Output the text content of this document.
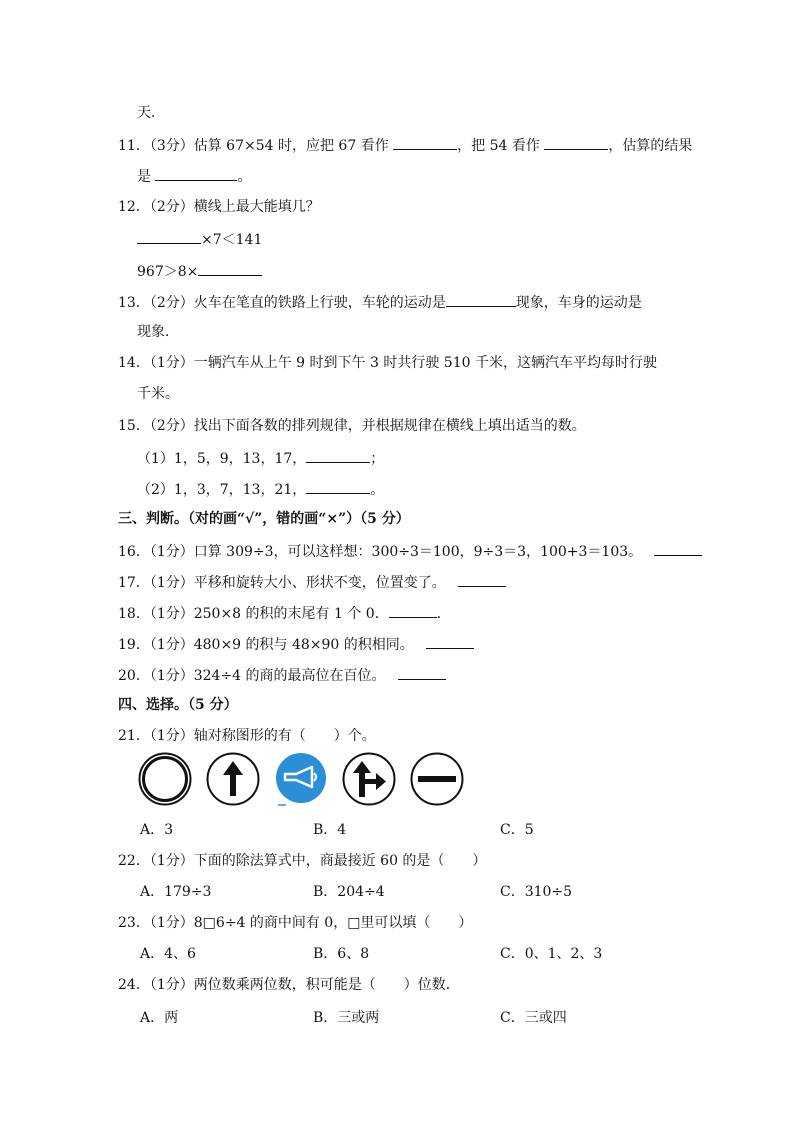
天．
11．（3分）估算 67×54 时，应把 67 看作	，把 54 看作	，估算的结果
是	。
12．（2分）横线上最大能填几？
×7＜141
967＞8×
13．（2分）火车在笔直的铁路上行驶，车轮的运动是	现象，车身的运动是
现象．
14．（1分）一辆汽车从上午 9 时到下午 3 时共行驶 510 千米，这辆汽车平均每时行驶
千米。
15．（2分）找出下面各数的排列规律，并根据规律在横线上填出适当的数。
（1）1，5，9，13，17，	；
（2）1，3，7，13，21，	。
三、判断。（对的画“√”，错的画“×”）（5 分）
16．（1分）口算 309÷3，可以这样想：300÷3＝100，9÷3＝3，100+3＝103。
17．（1分）平移和旋转大小、形状不变，位置变了。
18．（1分）250×8 的积的末尾有 1 个 0．	．
19．（1分）480×9 的积与 48×90 的积相同。
20．（1分）324÷4 的商的最高位在百位。
四、选择。（5 分）
21．（1分）轴对称图形的有（　　）个。
A．3	B．4	C．5
22．（1分）下面的除法算式中，商最接近 60 的是（　　）
A．179÷3	B．204÷4	C．310÷5
23．（1分）8□6÷4 的商中间有 0，□里可以填（　　）
A．4、6	B．6、8	C．0、1、2、3
24．（1分）两位数乘两位数，积可能是（　　）位数．
A．两	B．三或两	C．三或四
